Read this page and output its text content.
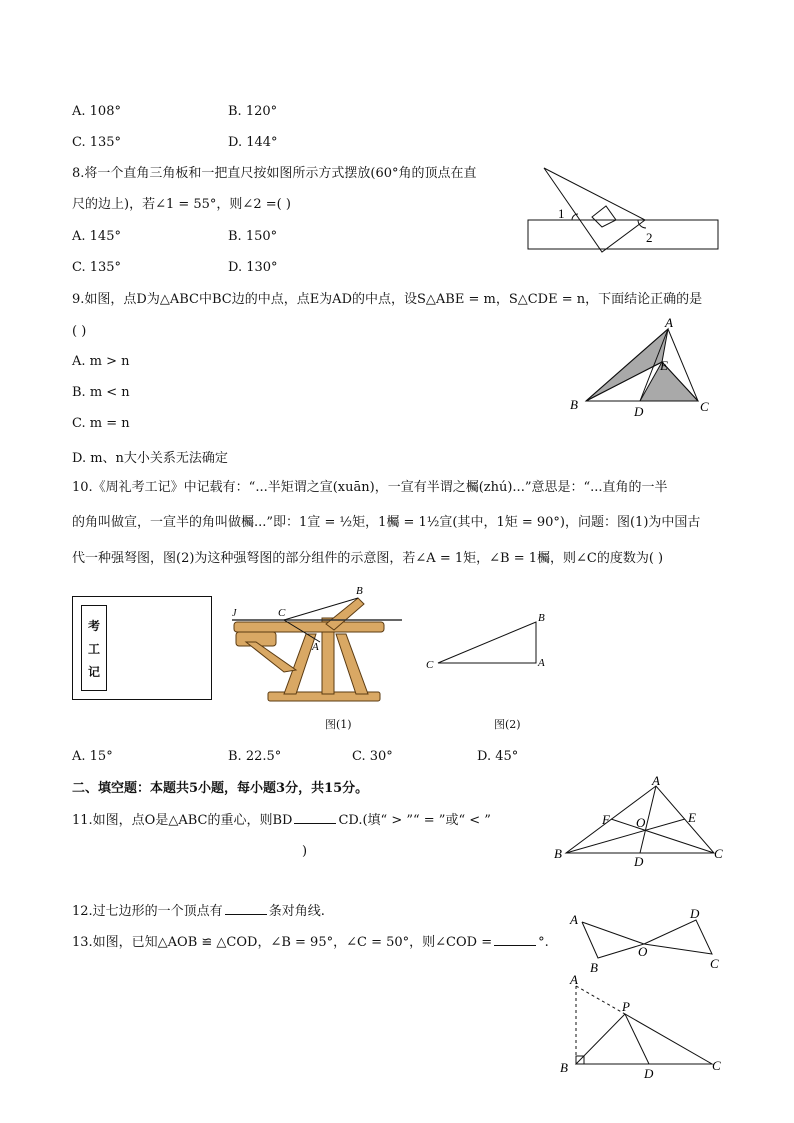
A. 108°	B. 120°
C. 135°	D. 144°
8.将一个直角三角板和一把直尺按如图所示方式摆放(60°角的顶点在直
尺的边上)，若∠1 = 55°，则∠2 =( )
A. 145°	B. 150°
C. 135°	D. 130°
1
2
9.如图，点D为△ABC中BC边的中点，点E为AD的中点，设S△ABE = m，S△CDE = n，下面结论正确的是
( )
A. m > n
B. m < n
C. m = n
D. m、n大小关系无法确定
A
E
B	D	C
10.《周礼考工记》中记载有：“...半矩谓之宣(xuān)，一宣有半谓之欘(zhú)...”意思是：“...直角的一半
的角叫做宣，一宣半的角叫做欘...”即：1宣 = ½矩，1欘 = 1½宣(其中，1矩 = 90°)，问题：图(1)为中国古
代一种强弩图，图(2)为这种强弩图的部分组件的示意图，若∠A = 1矩，∠B = 1欘，则∠C的度数为( )
考
工
记
B
C
A
J
图(1)
B
C	A
图(2)
A. 15°	B. 22.5°	C. 30°	D. 45°
二、填空题：本题共5小题，每小题3分，共15分。
11.如图，点O是△ABC的重心，则BD	CD.(填“ > ”“ = ”或“ < ”
)
A
F O	E
B
D
C
12.过七边形的一个顶点有	条对角线.
13.如图，已知△AOB ≌ △COD，∠B = 95°，∠C = 50°，则∠COD =	°.
A	D
O
B	C
A
P
B	D
C
